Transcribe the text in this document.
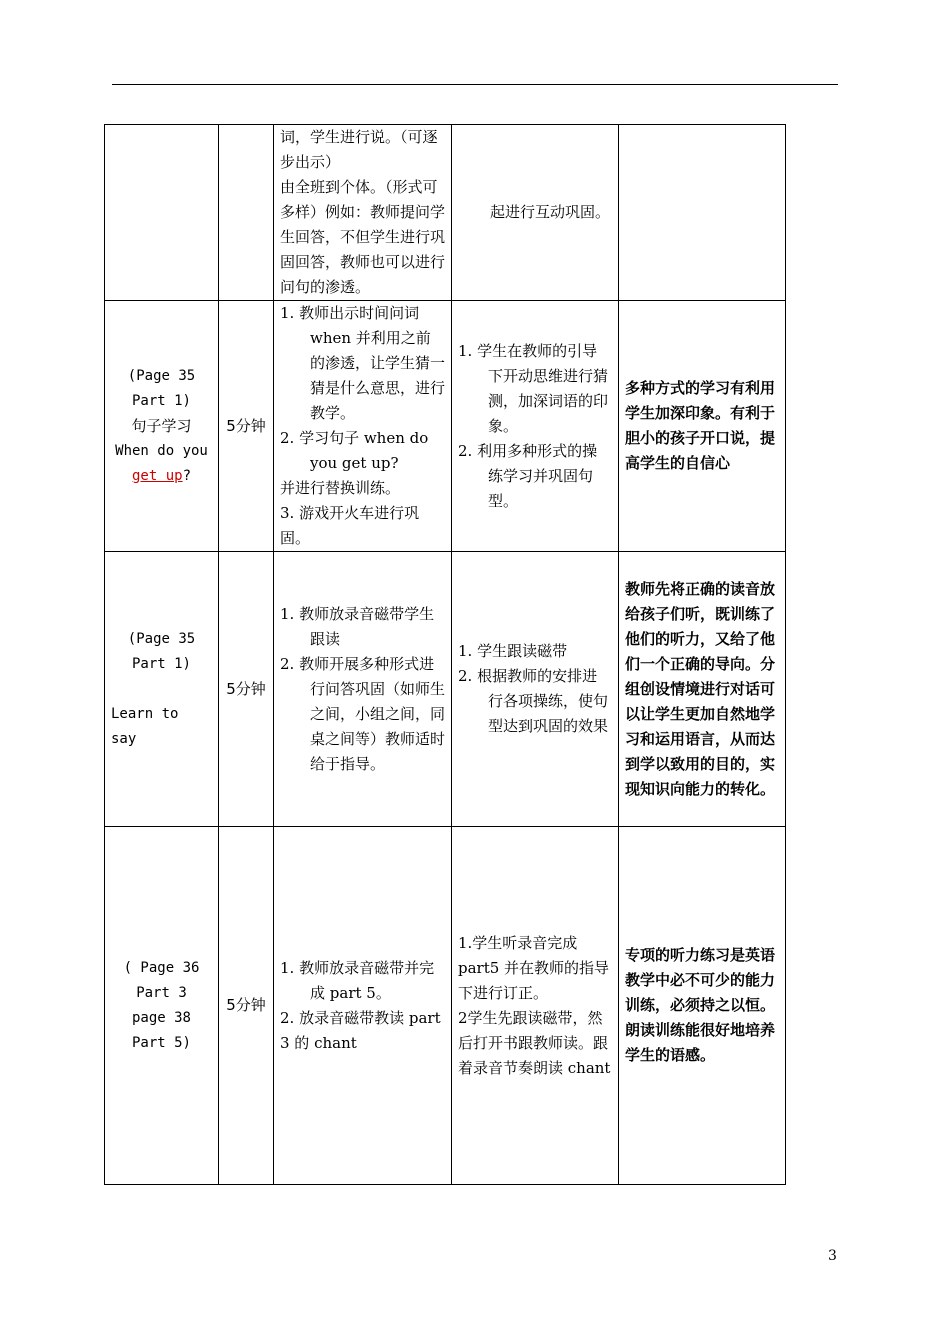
		词，学生进行说。（可逐步出示）
由全班到个体。（形式可多样）例如：教师提问学生回答，不但学生进行巩固回答，教师也可以进行问句的渗透。	起进行互动巩固。	

(Page 35
Part 1)
句子学习
When do you
get up?	5分钟	1. 教师出示时间问词 when 并利用之前的渗透，让学生猜一猜是什么意思，进行教学。
2. 学习句子 when do you get up?
并进行替换训练。
3. 游戏开火车进行巩固。	1. 学生在教师的引导下开动思维进行猜测，加深词语的印象。
2. 利用多种形式的操练学习并巩固句型。	多种方式的学习有利用学生加深印象。有利于胆小的孩子开口说，提高学生的自信心

(Page 35
Part 1)
Learn to
say	5分钟	1. 教师放录音磁带学生跟读
2. 教师开展多种形式进行问答巩固（如师生之间，小组之间，同桌之间等）教师适时给于指导。	1. 学生跟读磁带
2. 根据教师的安排进行各项操练，使句型达到巩固的效果	教师先将正确的读音放给孩子们听，既训练了他们的听力，又给了他们一个正确的导向。分组创设情境进行对话可以让学生更加自然地学习和运用语言，从而达到学以致用的目的，实现知识向能力的转化。

( Page 36
Part 3
page 38
Part 5)	5分钟	1. 教师放录音磁带并完成 part 5。
2. 放录音磁带教读 part 3 的 chant	1.学生听录音完成 part5 并在教师的指导下进行订正。
2学生先跟读磁带，然后打开书跟教师读。跟着录音节奏朗读 chant	专项的听力练习是英语教学中必不可少的能力训练，必须持之以恒。朗读训练能很好地培养学生的语感。
3
